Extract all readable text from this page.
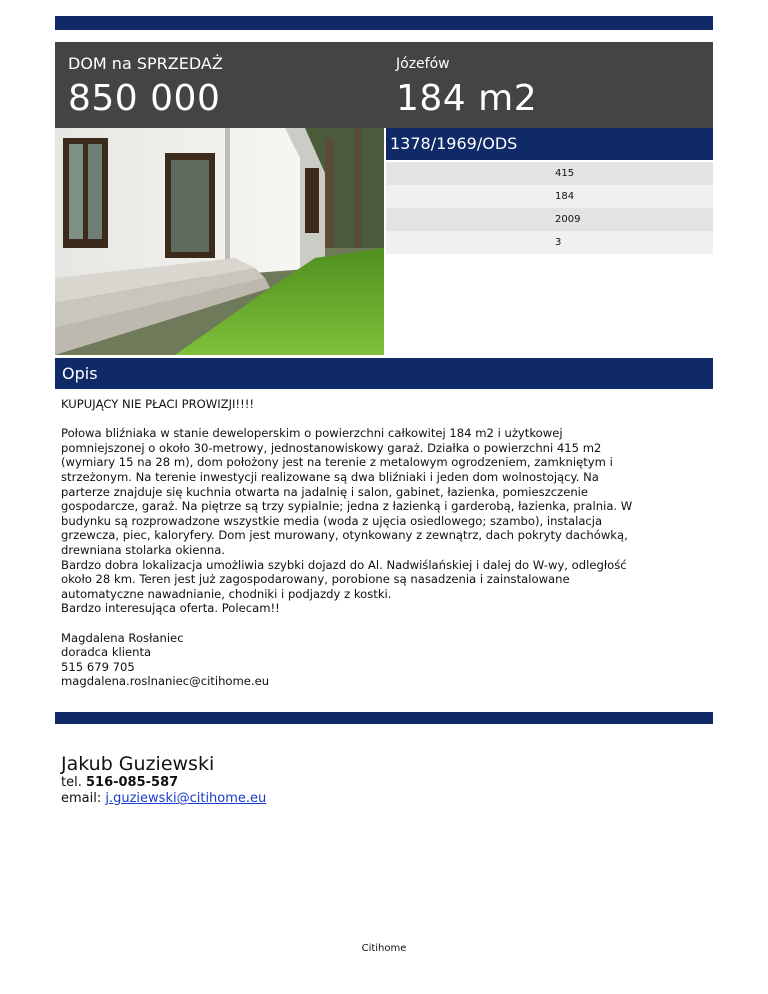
DOM na SPRZEDAŻ
850 000
Józefów
184 m2
1378/1969/ODS
415
184
2009
3
Opis

KUPUJĄCY NIE PŁACI PROWIZJI!!!!

Połowa bliźniaka w stanie deweloperskim o powierzchni całkowitej 184 m2 i użytkowej

pomniejszonej o około 30-metrowy, jednostanowiskowy garaż. Działka o powierzchni 415 m2

(wymiary 15 na 28 m), dom położony jest na terenie z metalowym ogrodzeniem, zamkniętym i

strzeżonym. Na terenie inwestycji realizowane są dwa bliźniaki i jeden dom wolnostojący. Na

parterze znajduje się kuchnia otwarta na jadalnię i salon, gabinet, łazienka, pomieszczenie

gospodarcze, garaż. Na piętrze są trzy sypialnie; jedna z łazienką i garderobą, łazienka, pralnia. W

budynku są rozprowadzone wszystkie media (woda z ujęcia osiedlowego; szambo), instalacja

grzewcza, piec, kaloryfery. Dom jest murowany, otynkowany z zewnątrz, dach pokryty dachówką,

drewniana stolarka okienna.

Bardzo dobra lokalizacja umożliwia szybki dojazd do Al. Nadwiślańskiej i dalej do W-wy, odległość

około 28 km. Teren jest już zagospodarowany, porobione są nasadzenia i zainstalowane

automatyczne nawadnianie, chodniki i podjazdy z kostki.

Bardzo interesująca oferta. Polecam!!

Magdalena Rosłaniec

doradca klienta

515 679 705

magdalena.roslnaniec@citihome.eu

Jakub Guziewski
tel. 516-085-587
email: j.guziewski@citihome.eu
Citihome
